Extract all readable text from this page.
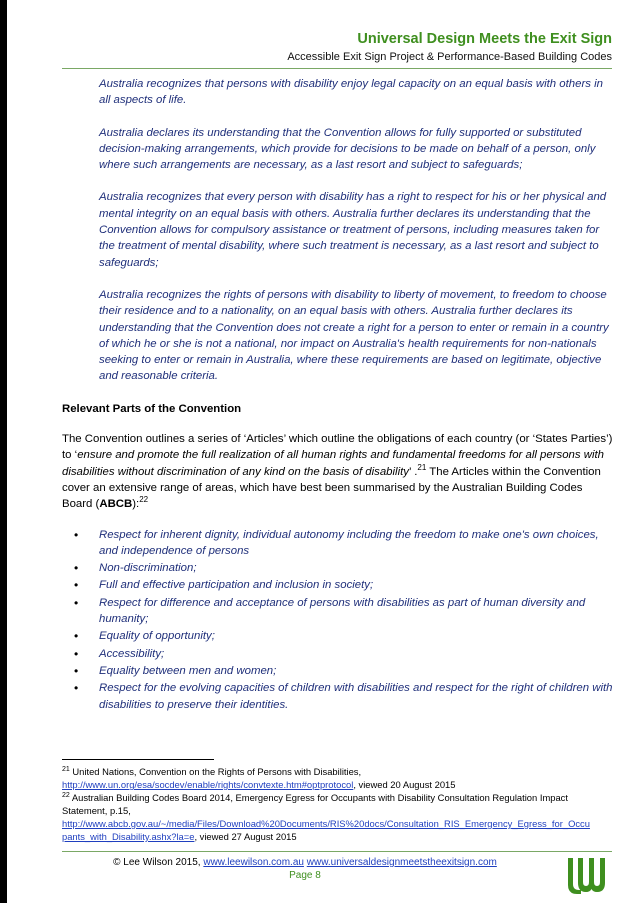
Universal Design Meets the Exit Sign
Accessible Exit Sign Project & Performance-Based Building Codes

Australia recognizes that persons with disability enjoy legal capacity on an equal basis with others in all aspects of life.

Australia declares its understanding that the Convention allows for fully supported or substituted decision-making arrangements, which provide for decisions to be made on behalf of a person, only where such arrangements are necessary, as a last resort and subject to safeguards;

Australia recognizes that every person with disability has a right to respect for his or her physical and mental integrity on an equal basis with others. Australia further declares its understanding that the Convention allows for compulsory assistance or treatment of persons, including measures taken for the treatment of mental disability, where such treatment is necessary, as a last resort and subject to safeguards;

Australia recognizes the rights of persons with disability to liberty of movement, to freedom to choose their residence and to a nationality, on an equal basis with others. Australia further declares its understanding that the Convention does not create a right for a person to enter or remain in a country of which he or she is not a national, nor impact on Australia's health requirements for non-nationals seeking to enter or remain in Australia, where these requirements are based on legitimate, objective and reasonable criteria.

Relevant Parts of the Convention

The Convention outlines a series of ‘Articles’ which outline the obligations of each country (or ‘States Parties’) to ‘ensure and promote the full realization of all human rights and fundamental freedoms for all persons with disabilities without discrimination of any kind on the basis of disability’ .$^{21}$ The Articles within the Convention cover an extensive range of areas, which have best been summarised by the Australian Building Codes Board (ABCB):$^{22}$

• Respect for inherent dignity, individual autonomy including the freedom to make one's own choices, and independence of persons
• Non-discrimination;
• Full and effective participation and inclusion in society;
• Respect for difference and acceptance of persons with disabilities as part of human diversity and humanity;
• Equality of opportunity;
• Accessibility;
• Equality between men and women;
• Respect for the evolving capacities of children with disabilities and respect for the right of children with disabilities to preserve their identities.
$^{21}$ United Nations, Convention on the Rights of Persons with Disabilities,
http://www.un.org/esa/socdev/enable/rights/convtexte.htm#optprotocol, viewed 20 August 2015
$^{22}$ Australian Building Codes Board 2014, Emergency Egress for Occupants with Disability Consultation Regulation Impact Statement, p.15,
http://www.abcb.gov.au/~/media/Files/Download%20Documents/RIS%20docs/Consultation_RIS_Emergency_Egress_for_Occupants_with_Disability.ashx?la=e, viewed 27 August 2015
© Lee Wilson 2015, www.leewilson.com.au www.universaldesignmeetstheexitsign.com
Page 8
